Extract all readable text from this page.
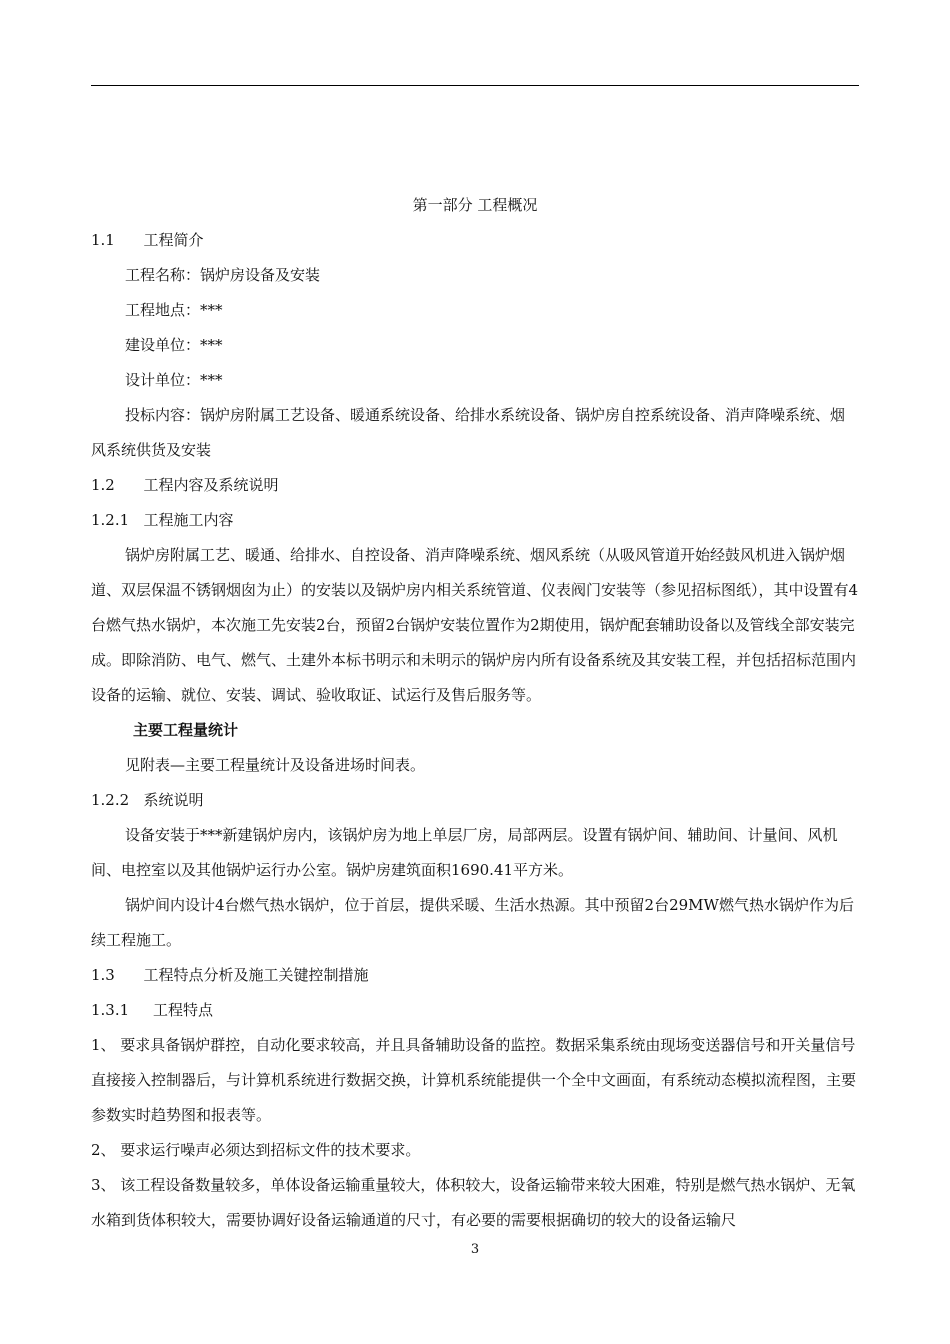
第一部分 工程概况
1.1 工程简介

工程名称：锅炉房设备及安装

工程地点：***

建设单位：***

设计单位：***

投标内容：锅炉房附属工艺设备、暖通系统设备、给排水系统设备、锅炉房自控系统设备、消声降噪系统、烟风系统供货及安装

1.2 工程内容及系统说明
1.2.1 工程施工内容

锅炉房附属工艺、暖通、给排水、自控设备、消声降噪系统、烟风系统（从吸风管道开始经鼓风机进入锅炉烟道、双层保温不锈钢烟囱为止）的安装以及锅炉房内相关系统管道、仪表阀门安装等（参见招标图纸），其中设置有4台燃气热水锅炉，本次施工先安装2台，预留2台锅炉安装位置作为2期使用，锅炉配套辅助设备以及管线全部安装完成。即除消防、电气、燃气、土建外本标书明示和未明示的锅炉房内所有设备系统及其安装工程，并包括招标范围内设备的运输、就位、安装、调试、验收取证、试运行及售后服务等。

主要工程量统计

见附表—主要工程量统计及设备进场时间表。

1.2.2 系统说明

设备安装于***新建锅炉房内，该锅炉房为地上单层厂房，局部两层。设置有锅炉间、辅助间、计量间、风机间、电控室以及其他锅炉运行办公室。锅炉房建筑面积1690.41平方米。

锅炉间内设计4台燃气热水锅炉，位于首层，提供采暖、生活水热源。其中预留2台29MW燃气热水锅炉作为后续工程施工。

1.3 工程特点分析及施工关键控制措施
1.3.1 工程特点

1、 要求具备锅炉群控，自动化要求较高，并且具备辅助设备的监控。数据采集系统由现场变送器信号和开关量信号直接接入控制器后，与计算机系统进行数据交换，计算机系统能提供一个全中文画面，有系统动态模拟流程图，主要参数实时趋势图和报表等。

2、 要求运行噪声必须达到招标文件的技术要求。

3、 该工程设备数量较多，单体设备运输重量较大，体积较大，设备运输带来较大困难，特别是燃气热水锅炉、无氧水箱到货体积较大，需要协调好设备运输通道的尺寸，有必要的需要根据确切的较大的设备运输尺

3
